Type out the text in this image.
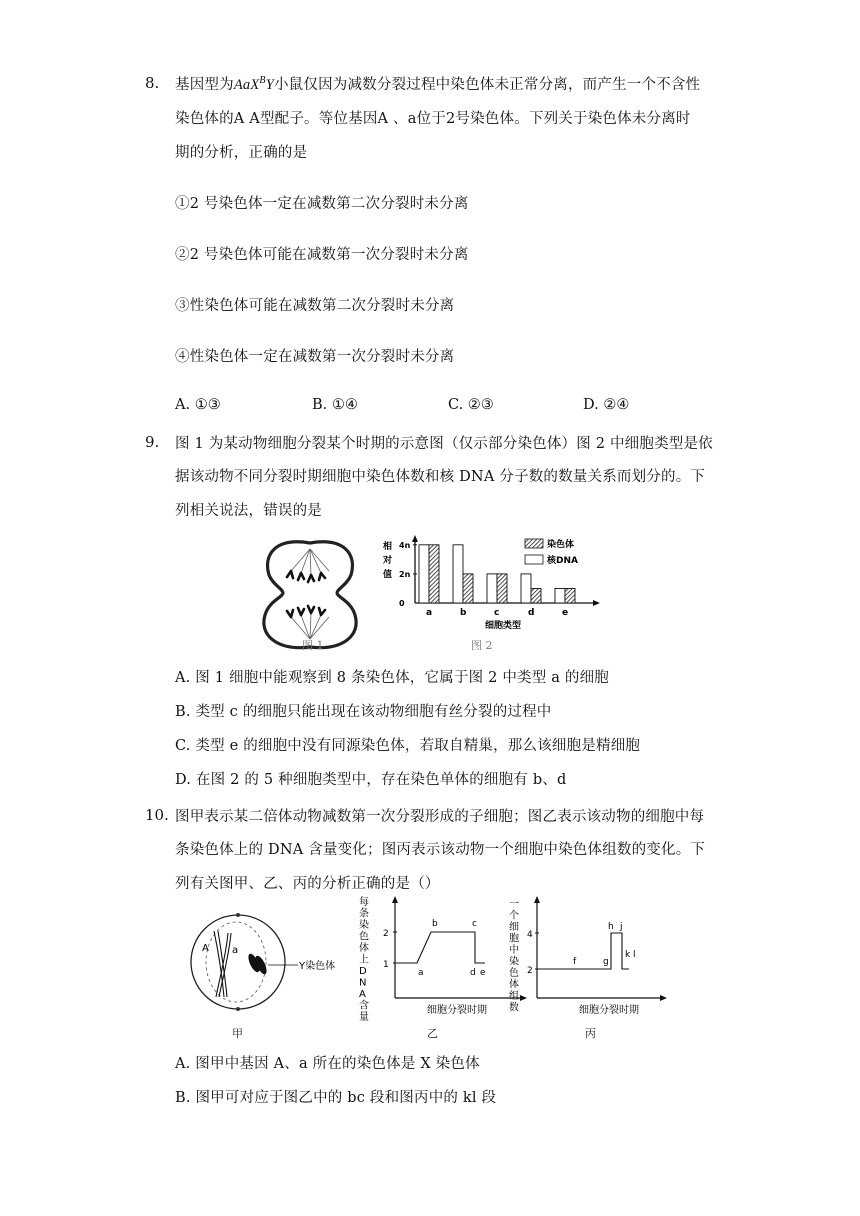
8. 基因型为AaX$^B$Y小鼠仅因为减数分裂过程中染色体未正常分离，而产生一个不含性
染色体的A A型配子。等位基因A 、a位于2号染色体。下列关于染色体未分离时
期的分析，正确的是
①2 号染色体一定在减数第二次分裂时未分离
②2 号染色体可能在减数第一次分裂时未分离
③性染色体可能在减数第二次分裂时未分离
④性染色体一定在减数第一次分裂时未分离
A. ①③	B. ①④	C. ②③	D. ②④
9. 图 1 为某动物细胞分裂某个时期的示意图（仅示部分染色体）图 2 中细胞类型是依
据该动物不同分裂时期细胞中染色体数和核 DNA 分子数的数量关系而划分的。下
列相关说法，错误的是
图 1
相
对
值
0
2n
4n
a	b	c	d	e
染色体
核DNA
细胞类型
图 2
A. 图 1 细胞中能观察到 8 条染色体，它属于图 2 中类型 a 的细胞
B. 类型 c 的细胞只能出现在该动物细胞有丝分裂的过程中
C. 类型 e 的细胞中没有同源染色体，若取自精巢，那么该细胞是精细胞
D. 在图 2 的 5 种细胞类型中，存在染色单体的细胞有 b、d
10. 图甲表示某二倍体动物减数第一次分裂形成的子细胞；图乙表示该动物的细胞中每
条染色体上的 DNA 含量变化；图丙表示该动物一个细胞中染色体组数的变化。下
列有关图甲、乙、丙的分析正确的是（）
A a
Y染色体
甲
每
条
染
色
体
上
D
N
A
含
量
2
1
a
b	c
d e
细胞分裂时期
乙
一
个
细
胞
中
染
色
体
组
数
4
2
f	g
h j
k l
细胞分裂时期
丙
A. 图甲中基因 A、a 所在的染色体是 X 染色体
B. 图甲可对应于图乙中的 bc 段和图丙中的 kl 段
